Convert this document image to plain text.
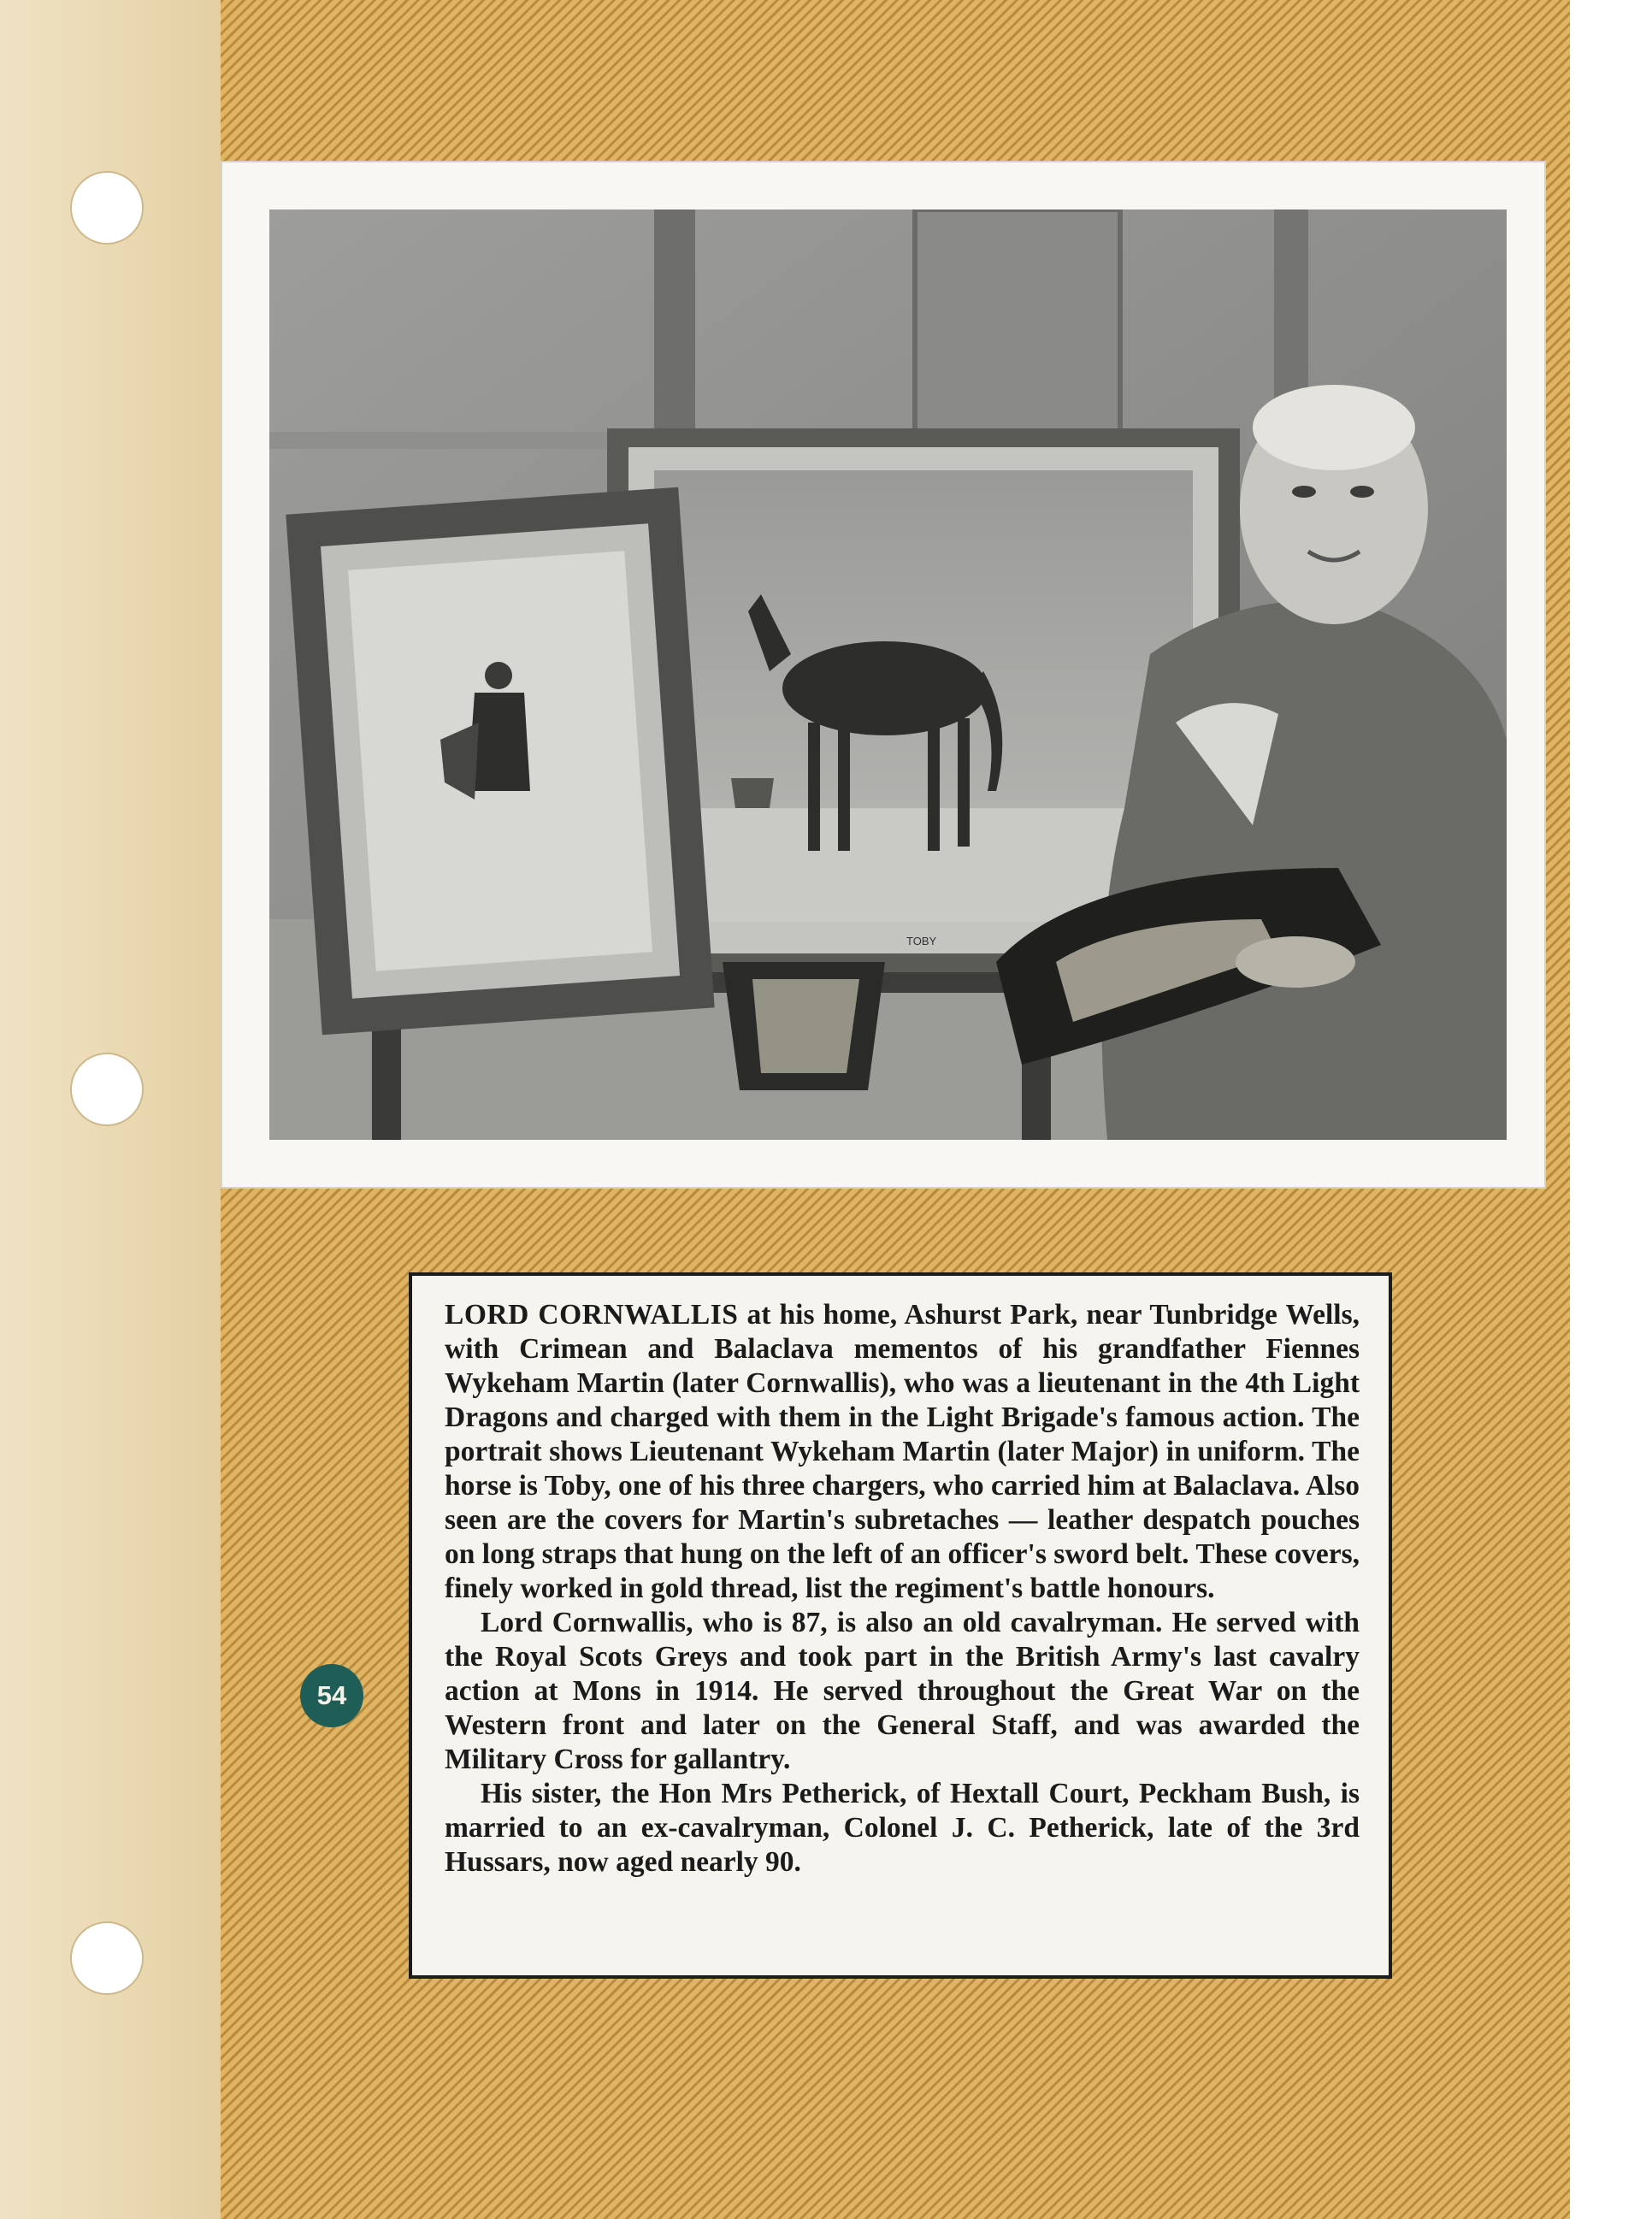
TOBY

LORD CORNWALLIS at his home, Ashurst Park, near Tunbridge Wells, with Crimean and Balaclava mementos of his grandfather Fiennes Wykeham Martin (later Cornwallis), who was a lieutenant in the 4th Light Dragons and charged with them in the Light Brigade's famous action. The portrait shows Lieutenant Wykeham Martin (later Major) in uniform. The horse is Toby, one of his three chargers, who carried him at Balaclava. Also seen are the covers for Martin's subretaches — leather despatch pouches on long straps that hung on the left of an officer's sword belt. These covers, finely worked in gold thread, list the regiment's battle honours.

Lord Cornwallis, who is 87, is also an old cavalryman. He served with the Royal Scots Greys and took part in the British Army's last cavalry action at Mons in 1914. He served throughout the Great War on the Western front and later on the General Staff, and was awarded the Military Cross for gallantry.

His sister, the Hon Mrs Petherick, of Hextall Court, Peckham Bush, is married to an ex-cavalryman, Colonel J. C. Petherick, late of the 3rd Hussars, now aged nearly 90.

54
